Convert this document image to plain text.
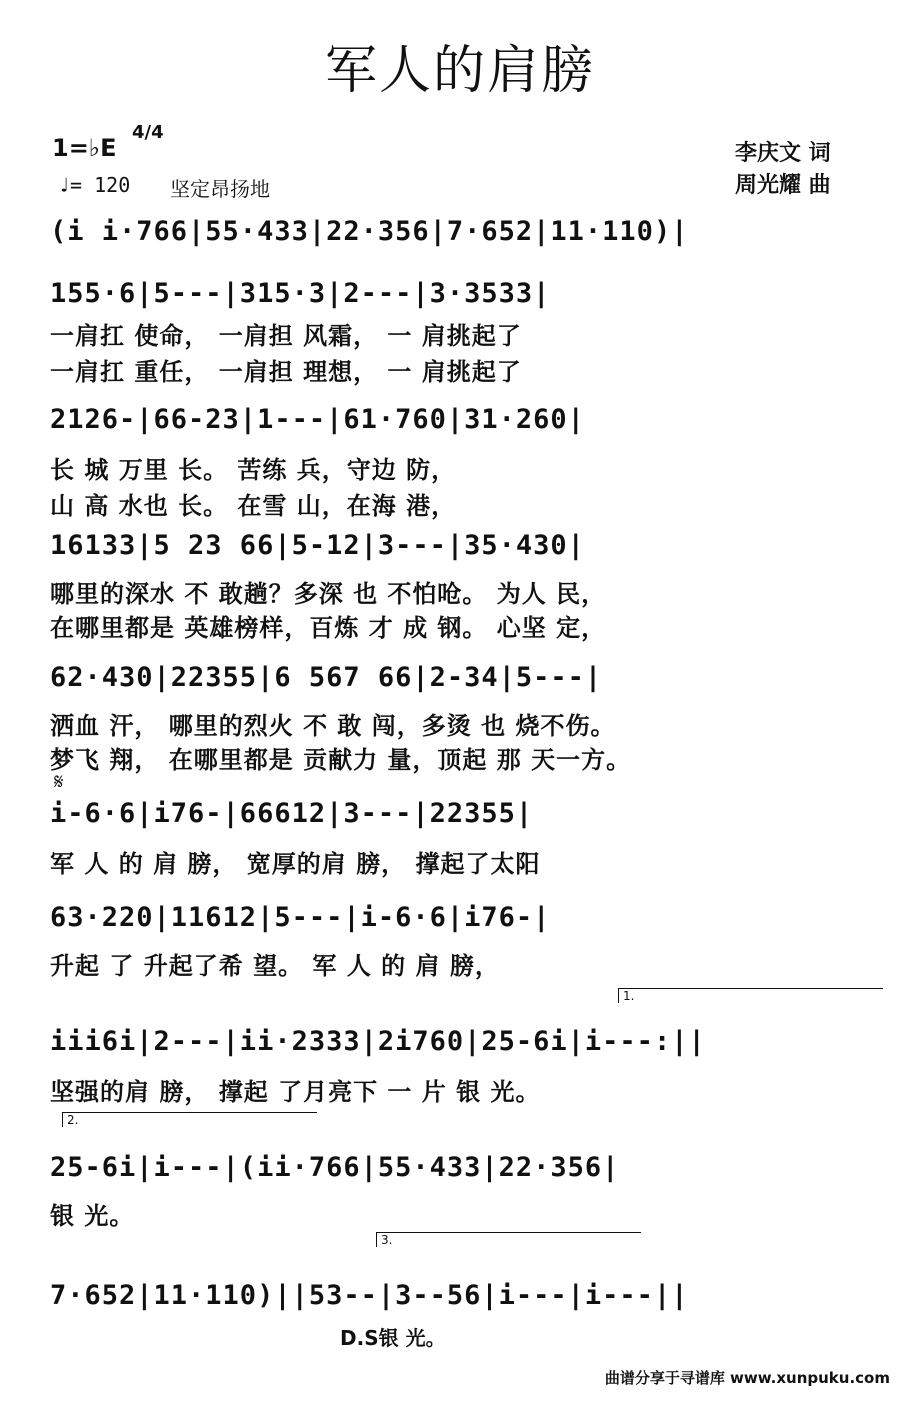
军人的肩膀
1=♭E
4/4
♩= 120 坚定昂扬地
李庆文 词
周光耀 曲
(i i·766|55·433|22·356|7·652|11·110)|
155·6|5---|315·3|2---|3·3533|
一肩扛 使命， 一肩担 风霜， 一 肩挑起了
一肩扛 重任， 一肩担 理想， 一 肩挑起了
2126-|66-23|1---|61·760|31·260|
长 城 万里 长。 苦练 兵，守边 防，
山 高 水也 长。 在雪 山，在海 港，
16133|5 23 66|5-12|3---|35·430|
哪里的深水 不 敢趟？多深 也 不怕呛。 为人 民，
在哪里都是 英雄榜样，百炼 才 成 钢。 心坚 定，
62·430|22355|6 567 66|2-34|5---|
洒血 汗， 哪里的烈火 不 敢 闯，多烫 也 烧不伤。
梦飞 翔， 在哪里都是 贡献力 量，顶起 那 天一方。
𝄋
i-6·6|i76-|66612|3---|22355|
军 人 的 肩 膀， 宽厚的肩 膀， 撑起了太阳
63·220|11612|5---|i-6·6|i76-|
升起 了 升起了希 望。 军 人 的 肩 膀，
1.
iii6i|2---|ii·2333|2i760|25-6i|i---:||
坚强的肩 膀， 撑起 了月亮下 一 片 银 光。
2.
25-6i|i---|(ii·766|55·433|22·356|
银 光。
3.
7·652|11·110)||53--|3--56|i---|i---||
D.S银 光。
曲谱分享于寻谱库 www.xunpuku.com
